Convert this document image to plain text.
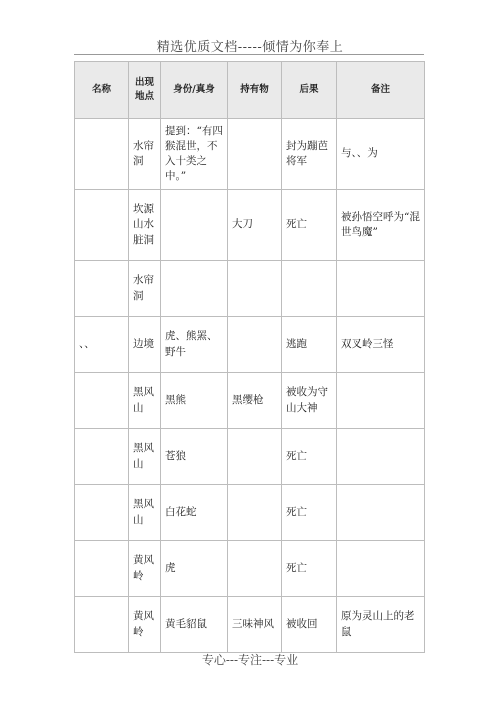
精选优质文档-----倾情为你奉上
名称	出现地点	身份/真身	持有物	后果	备注
	水帘洞	提到：“有四猴混世，不入十类之中。”		封为蹦芭将军	与、、为
	坎源山水脏洞		大刀	死亡	被孙悟空呼为“混世鸟魔”
	水帘洞				
、、	边境	虎、熊罴、野牛		逃跑	双叉岭三怪
	黑风山	黑熊	黑缨枪	被收为守山大神	
	黑风山	苍狼		死亡	
	黑风山	白花蛇		死亡	
	黄风岭	虎		死亡	
	黄风岭	黄毛貂鼠	三味神风	被收回	原为灵山上的老鼠
专心---专注---专业
